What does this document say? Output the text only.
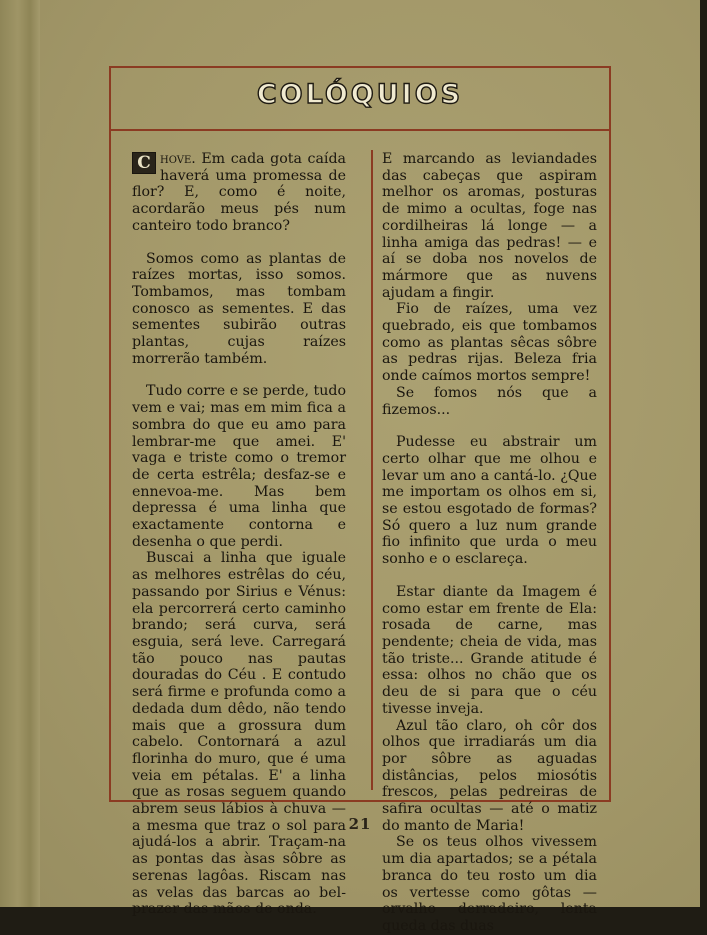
COLÓQUIOS

C hove. Em cada gota caída haverá uma promessa de flor? E, como é noite, acordarão meus pés num canteiro todo branco?

Somos como as plantas de raízes mortas, isso somos. Tombamos, mas tombam conosco as sementes. E das sementes subirão outras plantas, cujas raízes morrerão também.

Tudo corre e se perde, tudo vem e vai; mas em mim fica a sombra do que eu amo para lembrar-me que amei. E' vaga e triste como o tremor de certa estrêla; desfaz-se e ennevoa-me. Mas bem depressa é uma linha que exactamente contorna e desenha o que perdi.

Buscai a linha que iguale as melhores estrêlas do céu, passando por Sirius e Vénus: ela percorrerá certo caminho brando; será curva, será esguia, será leve. Carregará tão pouco nas pautas douradas do Céu . E contudo será firme e profunda como a dedada dum dêdo, não tendo mais que a grossura dum cabelo. Contornará a azul florinha do muro, que é uma veia em pétalas. E' a linha que as rosas seguem quando abrem seus lábios à chuva — a mesma que traz o sol para ajudá-los a abrir. Traçam-na as pontas das àsas sôbre as serenas lagôas. Riscam nas as velas das barcas ao bel-prazer das mãos de onda.

E marcando as leviandades das cabeças que aspiram melhor os aromas, posturas de mimo a ocultas, foge nas cordilheiras lá longe — a linha amiga das pedras! — e aí se doba nos novelos de mármore que as nuvens ajudam a fingir.

Fio de raízes, uma vez quebrado, eis que tombamos como as plantas sêcas sôbre as pedras rijas. Beleza fria onde caímos mortos sempre!

Se fomos nós que a fizemos...

Pudesse eu abstrair um certo olhar que me olhou e levar um ano a cantá-lo. ¿Que me importam os olhos em si, se estou esgotado de formas? Só quero a luz num grande fio infinito que urda o meu sonho e o esclareça.

Estar diante da Imagem é como estar em frente de Ela: rosada de carne, mas pendente; cheia de vida, mas tão triste... Grande atitude é essa: olhos no chão que os deu de si para que o céu tivesse inveja.

Azul tão claro, oh côr dos olhos que irradiarás um dia por sôbre as aguadas distâncias, pelos miosótis frescos, pelas pedreiras de safira ocultas — até o matiz do manto de Maria!

Se os teus olhos vivessem um dia apartados; se a pétala branca do teu rosto um dia os vertesse como gôtas — orvalho derradeiro, lenta queda das duas

21
